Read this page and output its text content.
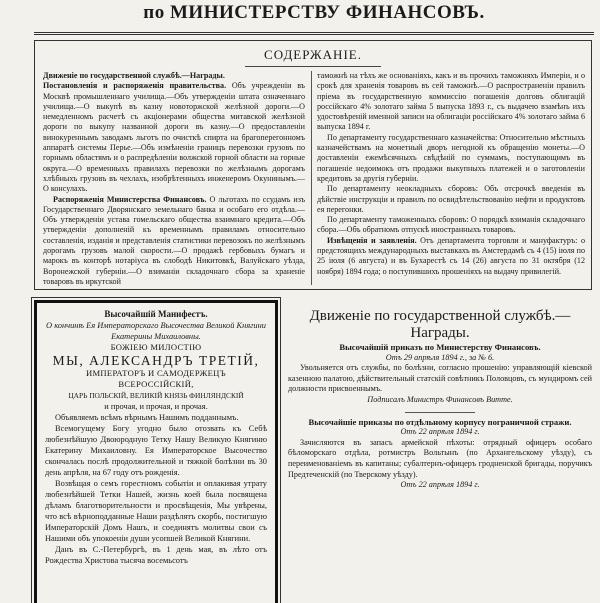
по МИНИСТЕРСТВУ ФИНАНСОВЪ.
СОДЕРЖАНІЕ.

Движеніе по государственной службѣ.—Награды.

Постановленія и распоряженія правительства. Объ учрежденіи въ Москвѣ промышленнаго училища.—Объ утвержденіи штата означеннаго училища.—О выкупѣ въ казну новоторжской желѣзной дороги.—О немедленномъ расчетѣ съ акціонерами общества митавской желѣзной дороги по выкупу названной дороги въ казну.—О предоставленіи винокуреннымъ заводамъ льготъ по очисткѣ спирта на брагоперегонномъ аппаратѣ системы Перье.—Объ измѣненіи границъ перевозки грузовъ по горнымъ областямъ и о распредѣленіи волжской горной области на горные округа.—О временныхъ правилахъ перевозки по желѣзнымъ дорогамъ хлѣбныхъ грузовъ въ чехлахъ, изобрѣтенныхъ инженеромъ Окунинымъ.—О консулахъ.

Распоряженія Министерства Финансовъ. О льготахъ по ссудамъ изъ Государственнаго Дворянскаго земельнаго банка и особаго его отдѣла.—Объ утвержденіи устава гомельскаго общества взаимнаго кредита.—Объ утвержденіи дополненій къ временнымъ правиламъ относительно составленія, изданія и представленія статистики перевозокъ по желѣзнымъ дорогамъ грузовъ малой скорости.—О продажѣ гербовыхъ бумагъ и марокъ въ конторѣ нотаріуса въ слободѣ Никитовкѣ, Валуйскаго уѣзда, Воронежской губерніи.—О взиманіи складочнаго сбора за храненіе товаровъ въ иркутской

таможнѣ на тѣхъ же основаніяхъ, какъ и въ прочихъ таможняхъ Имперіи, и о срокѣ для храненія товаровъ въ сей таможнѣ.—О распространеніи правилъ пріема въ государственную коммиссію погашенія долговъ облигацій россійскаго 4% золотаго займа 5 выпуска 1893 г., съ выдачею взамѣнъ ихъ удостовѣреній именной записи на облигаціи россійскаго 4% золотаго займа 6 выпуска 1894 г.

По департаменту государственнаго казначейства: Относительно мѣстныхъ казначействамъ на монетный дворъ негодной къ обращенію монеты.—О доставленіи ежемѣсячныхъ свѣдѣній по суммамъ, поступающимъ въ погашеніе недоимокъ отъ продажи выкупныхъ платежей и о заготовленіи кредитовъ за другія губерніи.

По департаменту неокладныхъ сборовъ: Объ отсрочкѣ введенія въ дѣйствіе инструкціи и правилъ по освидѣтельствованію нефти и продуктовъ ея перегонки.

По департаменту таможенныхъ сборовъ: О порядкѣ взиманія складочнаго сбора.—Объ обратномъ отпускѣ иностранныхъ товаровъ.

Извѣщенія и заявленія. Отъ департамента торговли и мануфактуръ: о предстоящихъ международныхъ выставкахъ въ Амстердамѣ съ 4 (15) іюля по 25 іюля (6 августа) и въ Бухарестѣ съ 14 (26) августа по 31 октября (12 ноября) 1894 года; о поступившихъ прошеніяхъ на выдачу привилегій.

Высочайшій Манифестъ.

О кончинѣ Ея Императорскаго Высочества Великой Княгини Екатерины Михаиловны.

БОЖІЕЮ МИЛОСТІЮ

МЫ, АЛЕКСАНДРЪ ТРЕТІЙ,

ИМПЕРАТОРЪ И САМОДЕРЖЕЦЪ

ВСЕРОССІЙСКІЙ,

ЦАРЬ ПОЛЬСКІЙ, ВЕЛИКІЙ КНЯЗЬ ФИНЛЯНДСКІЙ

и прочая, и прочая, и прочая.

Объявляемъ всѣмъ вѣрнымъ Нашимъ подданнымъ.

Всемогущему Богу угодно было отозвать къ Себѣ любезнѣйшую Двоюродную Тетку Нашу Великую Княгиню Екатерину Михаиловну. Ея Императорское Высочество скончалась послѣ продолжительной и тяжкой болѣзни въ 30 день апрѣля, на 67 году отъ рожденія.

Возвѣщая о семъ горестномъ событіи и оплакивая утрату любезнѣйшей Тетки Нашей, жизнь коей была посвящена дѣламъ благотворительности и просвѣщенія, Мы увѣрены, что всѣ вѣрноподданные Наши раздѣлятъ скорбь, постигшую Императорскій Домъ Нашъ, и соединятъ молитвы свои съ Нашими объ упокоеніи души усопшей Великой Княгини.

Данъ въ С.-Петербургѣ, въ 1 день мая, въ лѣто отъ Рождества Христова тысяча восемьсотъ

Движеніе по государственной службѣ.—Награды.

Высочайшій приказъ по Министерству Финансовъ.

Отъ 29 апрѣля 1894 г., за № 6.

Увольняется отъ службы, по болѣзни, согласно прошенію: управляющій кіевской казенною палатою, дѣйствительный статскій совѣтникъ Половцовъ, съ мундиромъ сей должности присвоеннымъ.

Подписалъ Министръ Финансовъ Витте.

Высочайшіе приказы по отдѣльному корпусу пограничной стражи.

Отъ 22 апрѣля 1894 г.

Зачисляются въ запасъ армейской пѣхоты: отрядный офицеръ особаго бѣломорскаго отдѣла, ротмистръ Вольтынъ (по Архангельскому уѣзду), съ переименованіемъ въ капитаны; субалтернъ-офицеръ гродненской бригады, поручикъ Предтеченскій (по Тверскому уѣзду).

Отъ 22 апрѣля 1894 г.
